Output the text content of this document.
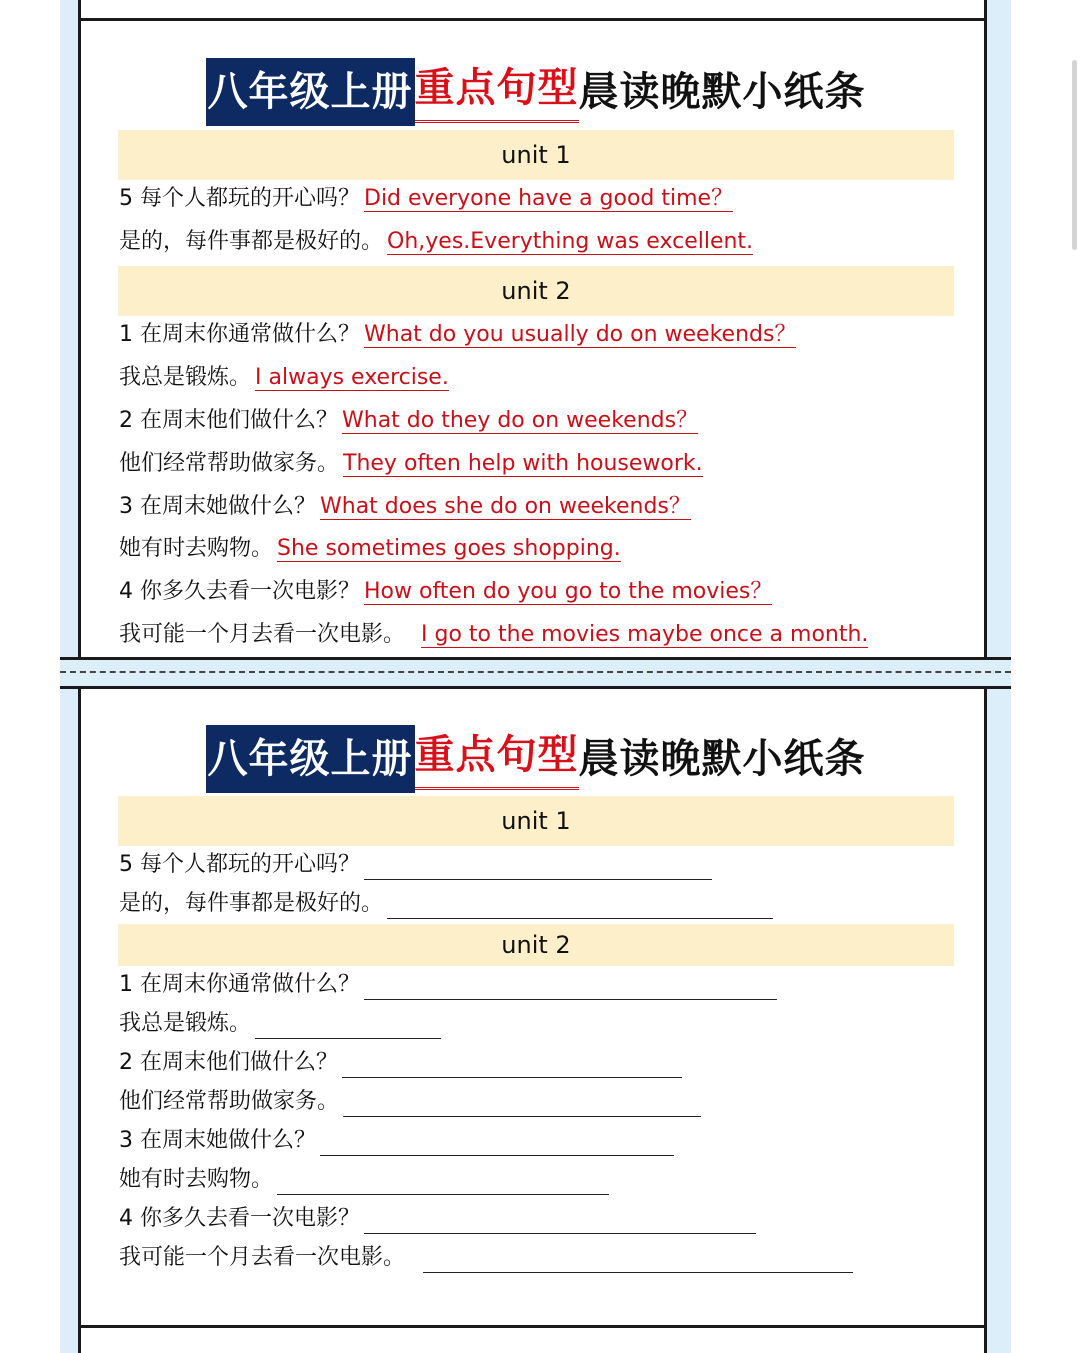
八年级上册 重点句型 晨读晚默小纸条
unit 1
5 每个人都玩的开心吗？ Did everyone have a good time？
是的，每件事都是极好的。 Oh,yes.Everything was excellent.
unit 2
1 在周末你通常做什么？ What do you usually do on weekends？
我总是锻炼。 I always exercise.
2 在周末他们做什么？ What do they do on weekends？
他们经常帮助做家务。 They often help with housework.
3 在周末她做什么？ What does she do on weekends？
她有时去购物。 She sometimes goes shopping.
4 你多久去看一次电影？ How often do you go to the movies？
我可能一个月去看一次电影。 I go to the movies maybe once a month.
八年级上册 重点句型 晨读晚默小纸条
unit 1
5 每个人都玩的开心吗？
是的，每件事都是极好的。
unit 2
1 在周末你通常做什么？
我总是锻炼。
2 在周末他们做什么？
他们经常帮助做家务。
3 在周末她做什么？
她有时去购物。
4 你多久去看一次电影？
我可能一个月去看一次电影。
